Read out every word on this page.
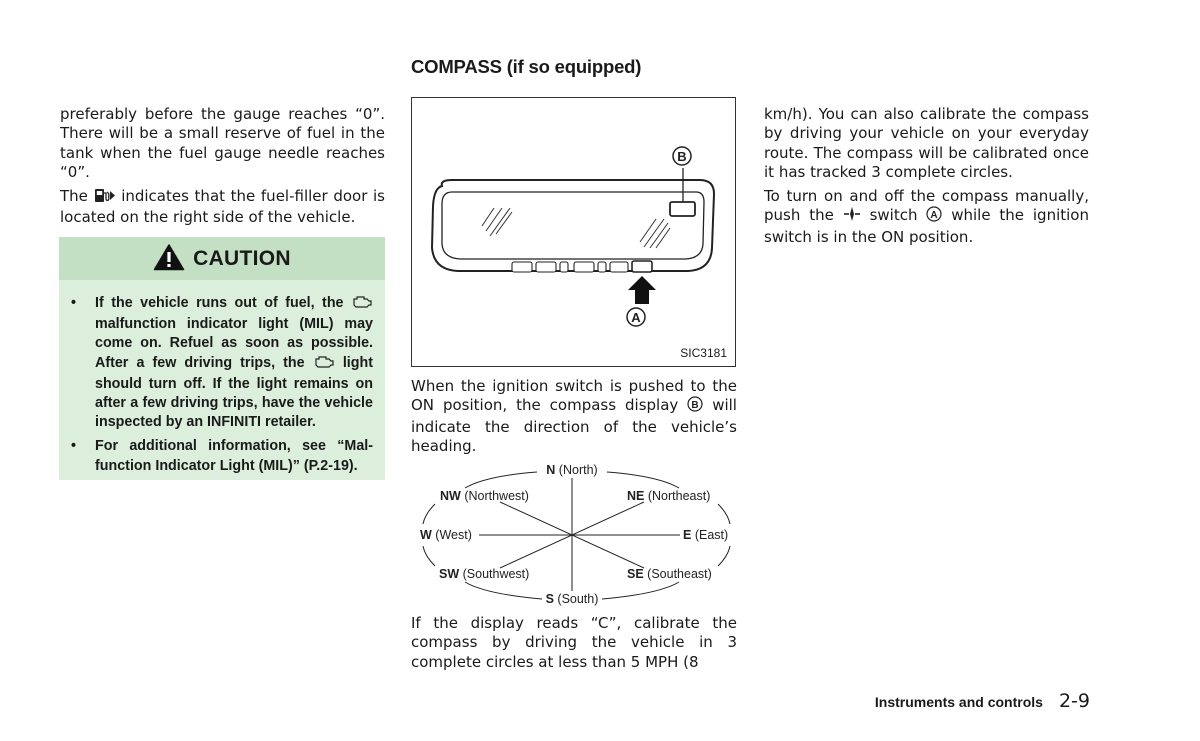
COMPASS (if so equipped)

preferably before the gauge reaches “0”. There will be a small reserve of fuel in the tank when the fuel gauge needle reaches “0”.

The indicates that the fuel-filler door is located on the right side of the vehicle.

CAUTION
• If the vehicle runs out of fuel, the  malfunction indicator light (MIL) may come on. Refuel as soon as possible. After a few driving trips, the	light should turn off. If the light remains on after a few driving trips, have the vehicle inspected by an INFINITI retailer.
• For additional information, see “Mal-function Indicator Light (MIL)” (P.2-19).
B
A
SIC3181

When the ignition switch is pushed to the ON position, the compass display B will indicate the direction of the vehicle’s heading.

N (North)
NW (Northwest)	NE (Northeast)
W (West)	E (East)
SW (Southwest)	SE (Southeast)
S (South)
If the display reads “C”, calibrate the compass by driving the vehicle in 3 complete circles at less than 5 MPH (8

km/h). You can also calibrate the compass by driving your vehicle on your everyday route. The compass will be calibrated once it has tracked 3 complete circles.

To turn on and off the compass manually, push the switch A while the ignition switch is in the ON position.

Instruments and controls 2-9
